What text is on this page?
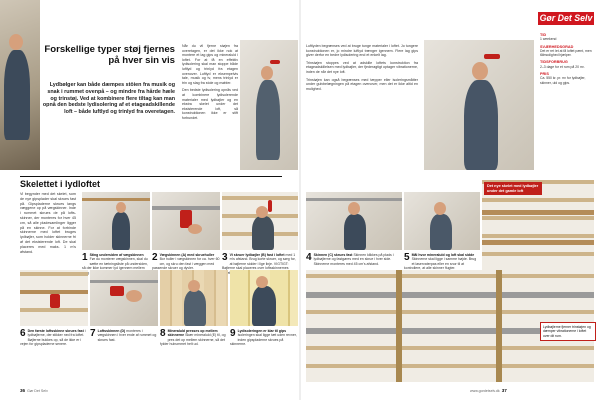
Forskellige typer støj fjernes på hver sin vis
Lydbølger kan både dæmpes stöien fra musik og snak i rummet ovenpå – og mindre fra hårde hæle og trinstøj. Ved at kombinere flere tiltag kan man opnå den bedste lydisolering af et etageadskillende loft – både luftlyd og trinlyd fra overetagen.

Når du vil fjerne støjen fra overetagen, er det ikke nok at montere et lag gips og mineraluld i loftet. For at få en effektiv lydisolering skal man stoppe både luftlyd og trinlyd fra etagen ovenover. Luftlyd er eksempelvis tale, musik og tv, mens trinlyd er trin og slag fra stole og møbler.

Den bedste lydisolering opnås ved at kombinere lydisolerende materialer med lydbøjler og en ekstra skelet under det eksisterende loft, så konstruktionen ikke er stift forbundet.

Skelettet i lydloftet
Vi begynder med det skelet, som de nye gipsplader skal skrues fast på. Gipspladerne skrues langs væggene op på vægskinner. Inde i rummet skrues de på lofts-skinner, der monteres for hver 45 cm, så alle pladesamlinger ligger på en skinne. For at forbinde skinnerne med loftet bruges lydbøjler, som holder skinnerne fri af det eksisterende loft. De skal placeres med maks. 1 m's afstand.
1 Sting undersiden af vægskinnen Før du monterer vægskinnen, skal du sætte en tætningsliste på undersiden, så der ikke kommer lyd igennem mellem
2 Vægskinnen (A) med skruehuller Bor huller i vægskinnen for ca. hver 60 cm, og skru den fast i væggen med passende skruer og dyvler.
3 Vi skruer lydbøjler (B) fast i loftet med 1 m's afstand. Brug korte skruer, og sørg for, at bøjlerne sidder i lige linje. VIGTIGT: Bøjlerne skal placeres over loftsskinnernes
6 Den første loftsskinne skrues fast i lydbøjlerne, der stikker ned fra loftet. Bøjlerne bukkes op, så de ikke er i vejen for gipspladerne senere.
7 Loftsskinnen (D) monteres i vægskinnen i hver ende af rummet og skrues fast.
8 Mineraluld presses op mellem skinnerne Skær mineraluld (E) til, og pres det op mellem skinnerne, så det fylder hulrummet helt ud.
9 Lydisoleringen er klar til gips Isoleringen skal ligge tæt uden revner, inden gipspladerne skrues på skinnerne.
36 Gør Det Selv

Luftlyden begrænses ved at bruge tunge materialer i loftet. Jo tungere konstruktionen er, jo mindre luftlyd trænger igennem. Flere lag gips giver derfor en bedre lydisolering end et enkelt lag.

Trinstøjen stoppes ved at adskille loftets konstruktion fra etageadskillelsen med lydbøjler, der fjederagtigt optager vibrationerne, inden de når det nye loft.

Trinstøjen kan også begrænses med tæpper eller isoleringsmåtter under gulvbelægningen på etagen ovenover, men det er ikke altid en mulighed.

Gør Det Selv
TID
1 weekend
SVÆRHEDSGRAD
Det er ret let at få loftet pænt, men tålmodighed hjælper.
TIDSFORBRUG
2–3 dage for et rum på 20 m².
PRIS
Ca. 550 kr. pr. m² for lydbøjler, skinner, uld og gips.
4 Skinnen (C) skrues fast Skinnen klikkes på plads i lydbøjlerne og fastgøres med en skrue i hver side. Skinnerne monteres med 45 cm's afstand.
5 Mål hvor mineraluld og loft skal sidde Skinnerne skal ligge i samme højde. Brug et laservaterpas eller en snor til at kontrollere, at alle skinner flugter.
Det nye skelet med lydbøjler under det gamle loft
Lydbøjlerne fjerner trinstøjen og dæmper vibrationerne i loftet over dit rum.
www.gordetselv.dk 37
